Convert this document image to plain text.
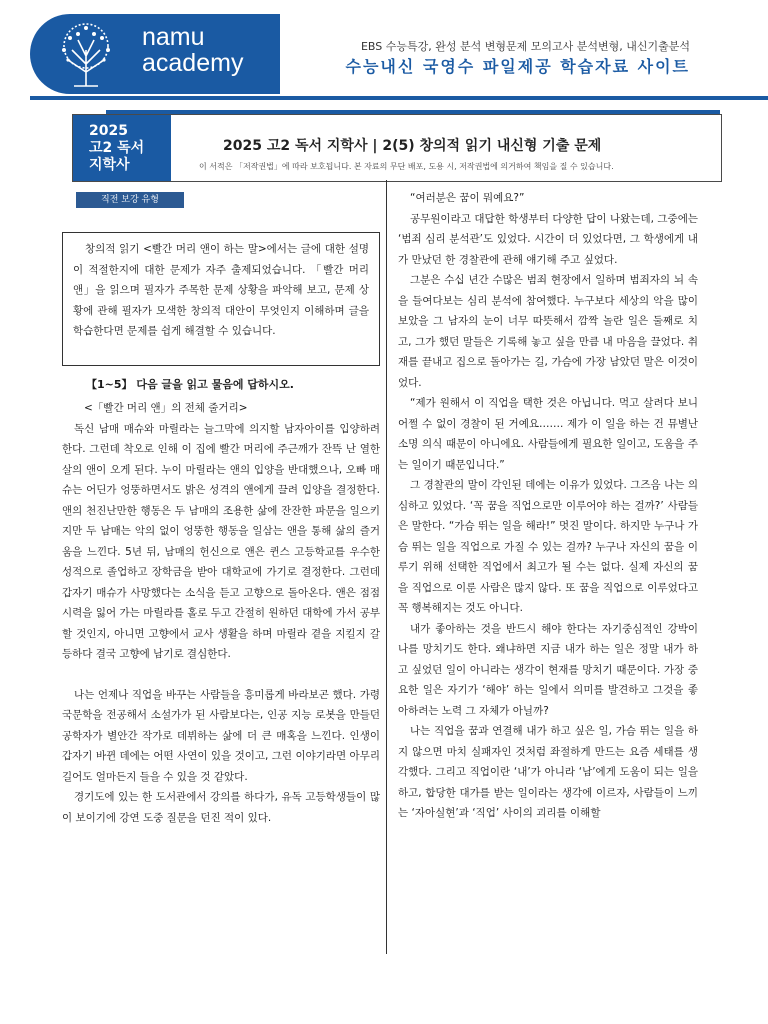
namu
academy
EBS 수능특강, 완성 분석 변형문제 모의고사 분석변형, 내신기출분석
수능내신 국영수 파일제공 학습자료 사이트
2025
고2 독서
지학사
2025 고2 독서 지학사 | 2(5) 창의적 읽기 내신형 기출 문제
이 서적은 「저작권법」에 따라 보호됩니다. 본 자료의 무단 배포, 도용 시, 저작권법에 의거하여 책임을 질 수 있습니다.
직전 보강 유형

창의적 읽기 <빨간 머리 앤이 하는 말>에서는 글에 대한 설명이 적절한지에 대한 문제가 자주 출제되었습니다. 「빨간 머리 앤」을 읽으며 필자가 주목한 문제 상황을 파악해 보고, 문제 상황에 관해 필자가 모색한 창의적 대안이 무엇인지 이해하며 글을 학습한다면 문제를 쉽게 해결할 수 있습니다.

【1~5】 다음 글을 읽고 물음에 답하시오.

<「빨간 머리 앤」의 전체 줄거리>

독신 남매 매슈와 마릴라는 늘그막에 의지할 남자아이를 입양하려 한다. 그런데 착오로 인해 이 집에 빨간 머리에 주근깨가 잔뜩 난 열한 살의 앤이 오게 된다. 누이 마릴라는 앤의 입양을 반대했으나, 오빠 매슈는 어딘가 엉뚱하면서도 밝은 성격의 앤에게 끌려 입양을 결정한다. 앤의 천진난만한 행동은 두 남매의 조용한 삶에 잔잔한 파문을 일으키지만 두 남매는 악의 없이 엉뚱한 행동을 일삼는 앤을 통해 삶의 즐거움을 느낀다. 5년 뒤, 남매의 헌신으로 앤은 퀸스 고등학교를 우수한 성적으로 졸업하고 장학금을 받아 대학교에 가기로 결정한다. 그런데 갑자기 매슈가 사망했다는 소식을 듣고 고향으로 돌아온다. 앤은 점점 시력을 잃어 가는 마릴라를 홀로 두고 간절히 원하던 대학에 가서 공부할 것인지, 아니면 고향에서 교사 생활을 하며 마릴라 곁을 지킬지 갈등하다 결국 고향에 남기로 결심한다.

나는 언제나 직업을 바꾸는 사람들을 흥미롭게 바라보곤 했다. 가령 국문학을 전공해서 소설가가 된 사람보다는, 인공 지능 로봇을 만들던 공학자가 별안간 작가로 데뷔하는 삶에 더 큰 매혹을 느낀다. 인생이 갑자기 바뀐 데에는 어떤 사연이 있을 것이고, 그런 이야기라면 아무리 길어도 얼마든지 들을 수 있을 것 같았다.

경기도에 있는 한 도서관에서 강의를 하다가, 유독 고등학생들이 많이 보이기에 강연 도중 질문을 던진 적이 있다.

“여러분은 꿈이 뭐예요?”

공무원이라고 대답한 학생부터 다양한 답이 나왔는데, 그중에는 ‘범죄 심리 분석관’도 있었다. 시간이 더 있었다면, 그 학생에게 내가 만났던 한 경찰관에 관해 얘기해 주고 싶었다.

그분은 수십 년간 수많은 범죄 현장에서 일하며 범죄자의 뇌 속을 들여다보는 심리 분석에 참여했다. 누구보다 세상의 악을 많이 보았을 그 남자의 눈이 너무 따뜻해서 깜짝 놀란 일은 둘째로 치고, 그가 했던 말들은 기록해 놓고 싶을 만큼 내 마음을 끌었다. 취재를 끝내고 집으로 돌아가는 길, 가슴에 가장 남았던 말은 이것이었다.

“제가 원해서 이 직업을 택한 것은 아닙니다. 먹고 살려다 보니 어쩔 수 없이 경찰이 된 거예요……. 제가 이 일을 하는 건 뮤별난 소명 의식 때문이 아니에요. 사람들에게 필요한 일이고, 도움을 주는 일이기 때문입니다.”

그 경찰관의 말이 각인된 데에는 이유가 있었다. 그즈음 나는 의심하고 있었다. ‘꼭 꿈을 직업으로만 이루어야 하는 걸까?’ 사람들은 말한다. “가슴 뛰는 일을 해라!” 멋진 말이다. 하지만 누구나 가슴 뛰는 일을 직업으로 가질 수 있는 걸까? 누구나 자신의 꿈을 이루기 위해 선택한 직업에서 최고가 될 수는 없다. 실제 자신의 꿈을 직업으로 이룬 사람은 많지 않다. 또 꿈을 직업으로 이루었다고 꼭 행복해지는 것도 아니다.

내가 좋아하는 것을 반드시 해야 한다는 자기중심적인 강박이 나를 망치기도 한다. 왜냐하면 지금 내가 하는 일은 정말 내가 하고 싶었던 일이 아니라는 생각이 현재를 망치기 때문이다. 가장 중요한 일은 자기가 ‘해야’ 하는 일에서 의미를 발견하고 그것을 좋아하려는 노력 그 자체가 아닐까?

나는 직업을 꿈과 연결해 내가 하고 싶은 일, 가슴 뛰는 일을 하지 않으면 마치 실패자인 것처럼 좌절하게 만드는 요즘 세태를 생각했다. 그리고 직업이란 ‘내’가 아니라 ‘남’에게 도움이 되는 일을 하고, 합당한 대가를 받는 일이라는 생각에 이르자, 사람들이 느끼는 ‘자아실현’과 ‘직업’ 사이의 괴리를 이해할
